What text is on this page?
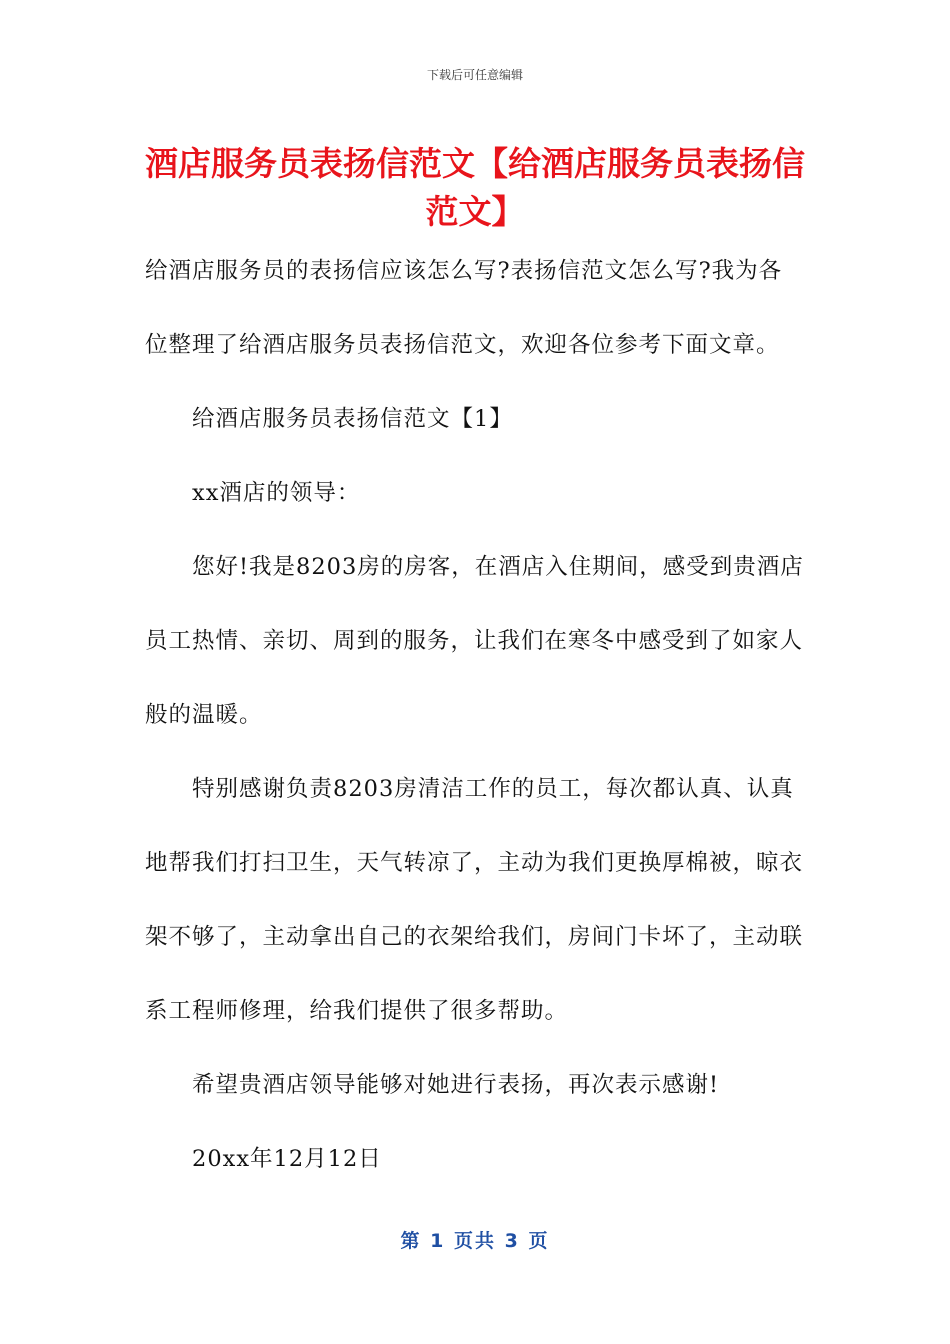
下载后可任意编辑
酒店服务员表扬信范文【给酒店服务员表扬信范文】

给酒店服务员的表扬信应该怎么写?表扬信范文怎么写?我为各位整理了给酒店服务员表扬信范文，欢迎各位参考下面文章。

给酒店服务员表扬信范文【1】

xx酒店的领导：

您好!我是8203房的房客，在酒店入住期间，感受到贵酒店员工热情、亲切、周到的服务，让我们在寒冬中感受到了如家人般的温暖。

特别感谢负责8203房清洁工作的员工，每次都认真、认真地帮我们打扫卫生，天气转凉了，主动为我们更换厚棉被，晾衣架不够了，主动拿出自己的衣架给我们，房间门卡坏了，主动联系工程师修理，给我们提供了很多帮助。

希望贵酒店领导能够对她进行表扬，再次表示感谢!

20xx年12月12日

第 1 页共 3 页
